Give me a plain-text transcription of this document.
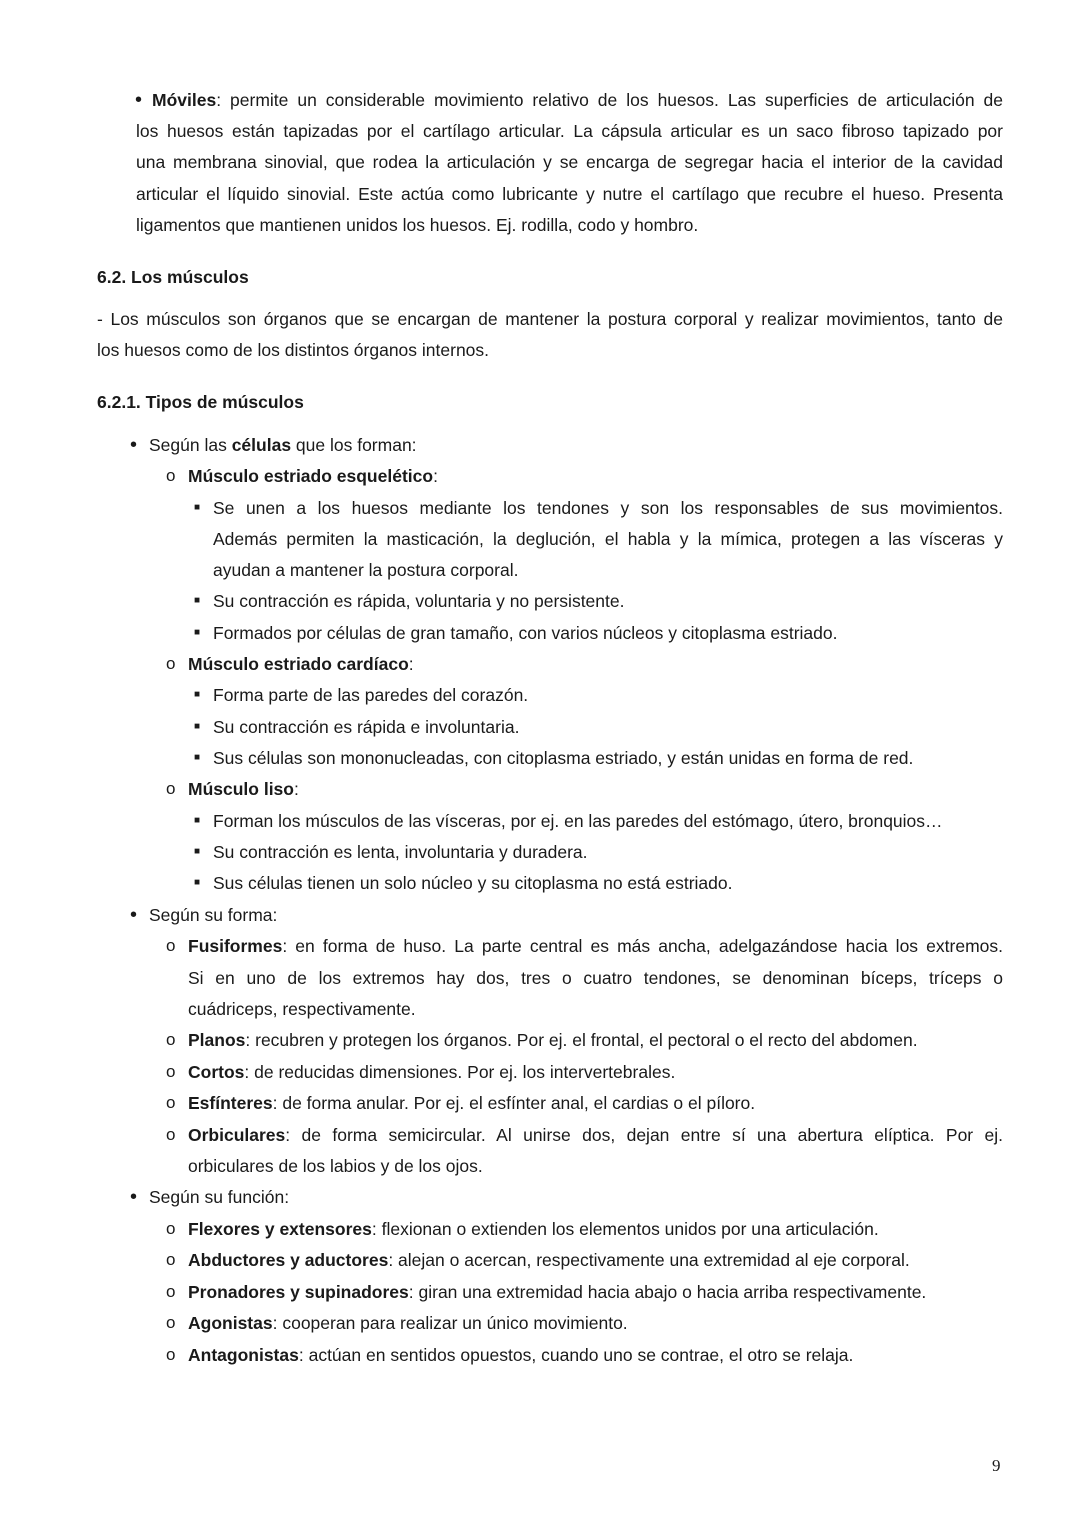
• Móviles: permite un considerable movimiento relativo de los huesos. Las superficies de articulación de
los huesos están tapizadas por el cartílago articular. La cápsula articular es un saco fibroso tapizado por
una membrana sinovial, que rodea la articulación y se encarga de segregar hacia el interior de la cavidad
articular el líquido sinovial. Este actúa como lubricante y nutre el cartílago que recubre el hueso. Presenta
ligamentos que mantienen unidos los huesos. Ej. rodilla, codo y hombro.
6.2. Los músculos
- Los músculos son órganos que se encargan de mantener la postura corporal y realizar movimientos, tanto de
los huesos como de los distintos órganos internos.
6.2.1. Tipos de músculos
• Según las células que los forman:
o Músculo estriado esquelético:
■ Se unen a los huesos mediante los tendones y son los responsables de sus movimientos.
Además permiten la masticación, la deglución, el habla y la mímica, protegen a las vísceras y
ayudan a mantener la postura corporal.
■ Su contracción es rápida, voluntaria y no persistente.
■ Formados por células de gran tamaño, con varios núcleos y citoplasma estriado.
o Músculo estriado cardíaco:
■ Forma parte de las paredes del corazón.
■ Su contracción es rápida e involuntaria.
■ Sus células son mononucleadas, con citoplasma estriado, y están unidas en forma de red.
o Músculo liso:
■ Forman los músculos de las vísceras, por ej. en las paredes del estómago, útero, bronquios…
■ Su contracción es lenta, involuntaria y duradera.
■ Sus células tienen un solo núcleo y su citoplasma no está estriado.
• Según su forma:
o Fusiformes: en forma de huso. La parte central es más ancha, adelgazándose hacia los extremos.
Si en uno de los extremos hay dos, tres o cuatro tendones, se denominan bíceps, tríceps o
cuádriceps, respectivamente.
o Planos: recubren y protegen los órganos. Por ej. el frontal, el pectoral o el recto del abdomen.
o Cortos: de reducidas dimensiones. Por ej. los intervertebrales.
o Esfínteres: de forma anular. Por ej. el esfínter anal, el cardias o el píloro.
o Orbiculares: de forma semicircular. Al unirse dos, dejan entre sí una abertura elíptica. Por ej.
orbiculares de los labios y de los ojos.
• Según su función:
o Flexores y extensores: flexionan o extienden los elementos unidos por una articulación.
o Abductores y aductores: alejan o acercan, respectivamente una extremidad al eje corporal.
o Pronadores y supinadores: giran una extremidad hacia abajo o hacia arriba respectivamente.
o Agonistas: cooperan para realizar un único movimiento.
o Antagonistas: actúan en sentidos opuestos, cuando uno se contrae, el otro se relaja.
9
